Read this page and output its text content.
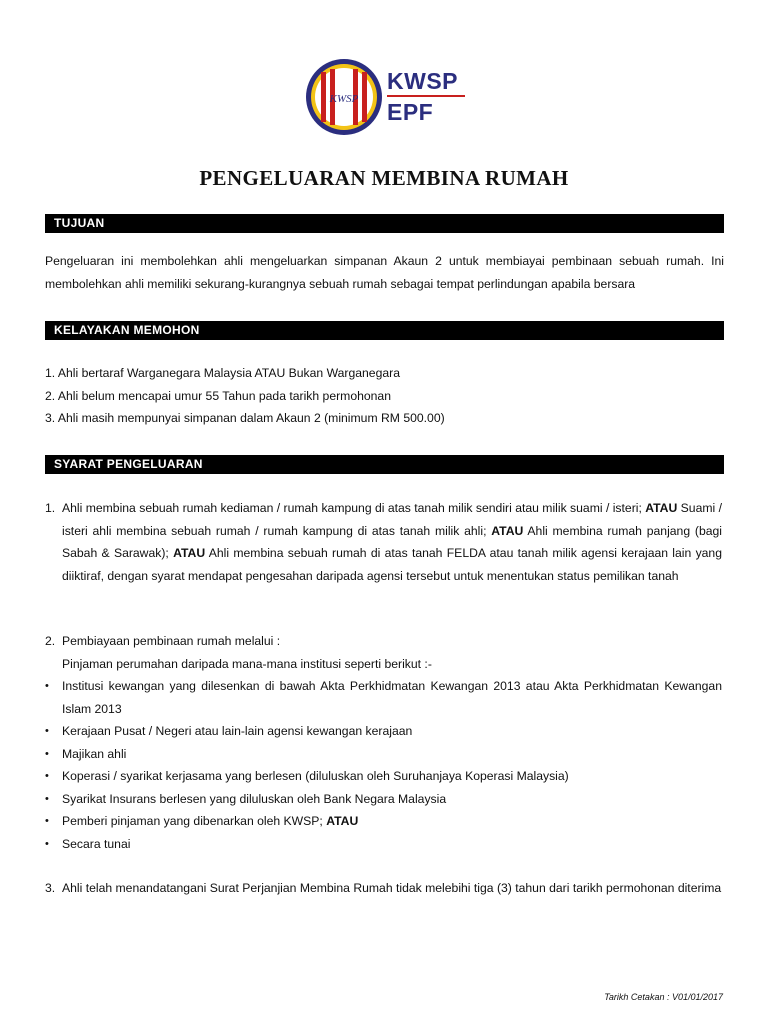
KWSP
KWSP
EPF
PENGELUARAN MEMBINA RUMAH
TUJUAN

Pengeluaran ini membolehkan ahli mengeluarkan simpanan Akaun 2 untuk membiayai pembinaan sebuah rumah. Ini membolehkan ahli memiliki sekurang-kurangnya sebuah rumah sebagai tempat perlindungan apabila bersara

KELAYAKAN MEMOHON
1. Ahli bertaraf Warganegara Malaysia ATAU Bukan Warganegara
2. Ahli belum mencapai umur 55 Tahun pada tarikh permohonan
3. Ahli masih mempunyai simpanan dalam Akaun 2 (minimum RM 500.00)
SYARAT PENGELUARAN
1. Ahli membina sebuah rumah kediaman / rumah kampung di atas tanah milik sendiri atau milik suami / isteri; ATAU Suami / isteri ahli membina sebuah rumah / rumah kampung di atas tanah milik ahli; ATAU Ahli membina rumah panjang (bagi Sabah & Sarawak); ATAU Ahli membina sebuah rumah di atas tanah FELDA atau tanah milik agensi kerajaan lain yang diiktiraf, dengan syarat mendapat pengesahan daripada agensi tersebut untuk menentukan status pemilikan tanah
2. Pembiayaan pembinaan rumah melalui :
Pinjaman perumahan daripada mana-mana institusi seperti berikut :-
•	Institusi kewangan yang dilesenkan di bawah Akta Perkhidmatan Kewangan 2013 atau Akta Perkhidmatan Kewangan Islam 2013
•	Kerajaan Pusat / Negeri atau lain-lain agensi kewangan kerajaan
•	Majikan ahli
•	Koperasi / syarikat kerjasama yang berlesen (diluluskan oleh Suruhanjaya Koperasi Malaysia)
•	Syarikat Insurans berlesen yang diluluskan oleh Bank Negara Malaysia
•	Pemberi pinjaman yang dibenarkan oleh KWSP; ATAU
•	Secara tunai
3. Ahli telah menandatangani Surat Perjanjian Membina Rumah tidak melebihi tiga (3) tahun dari tarikh permohonan diterima
Tarikh Cetakan : V01/01/2017
